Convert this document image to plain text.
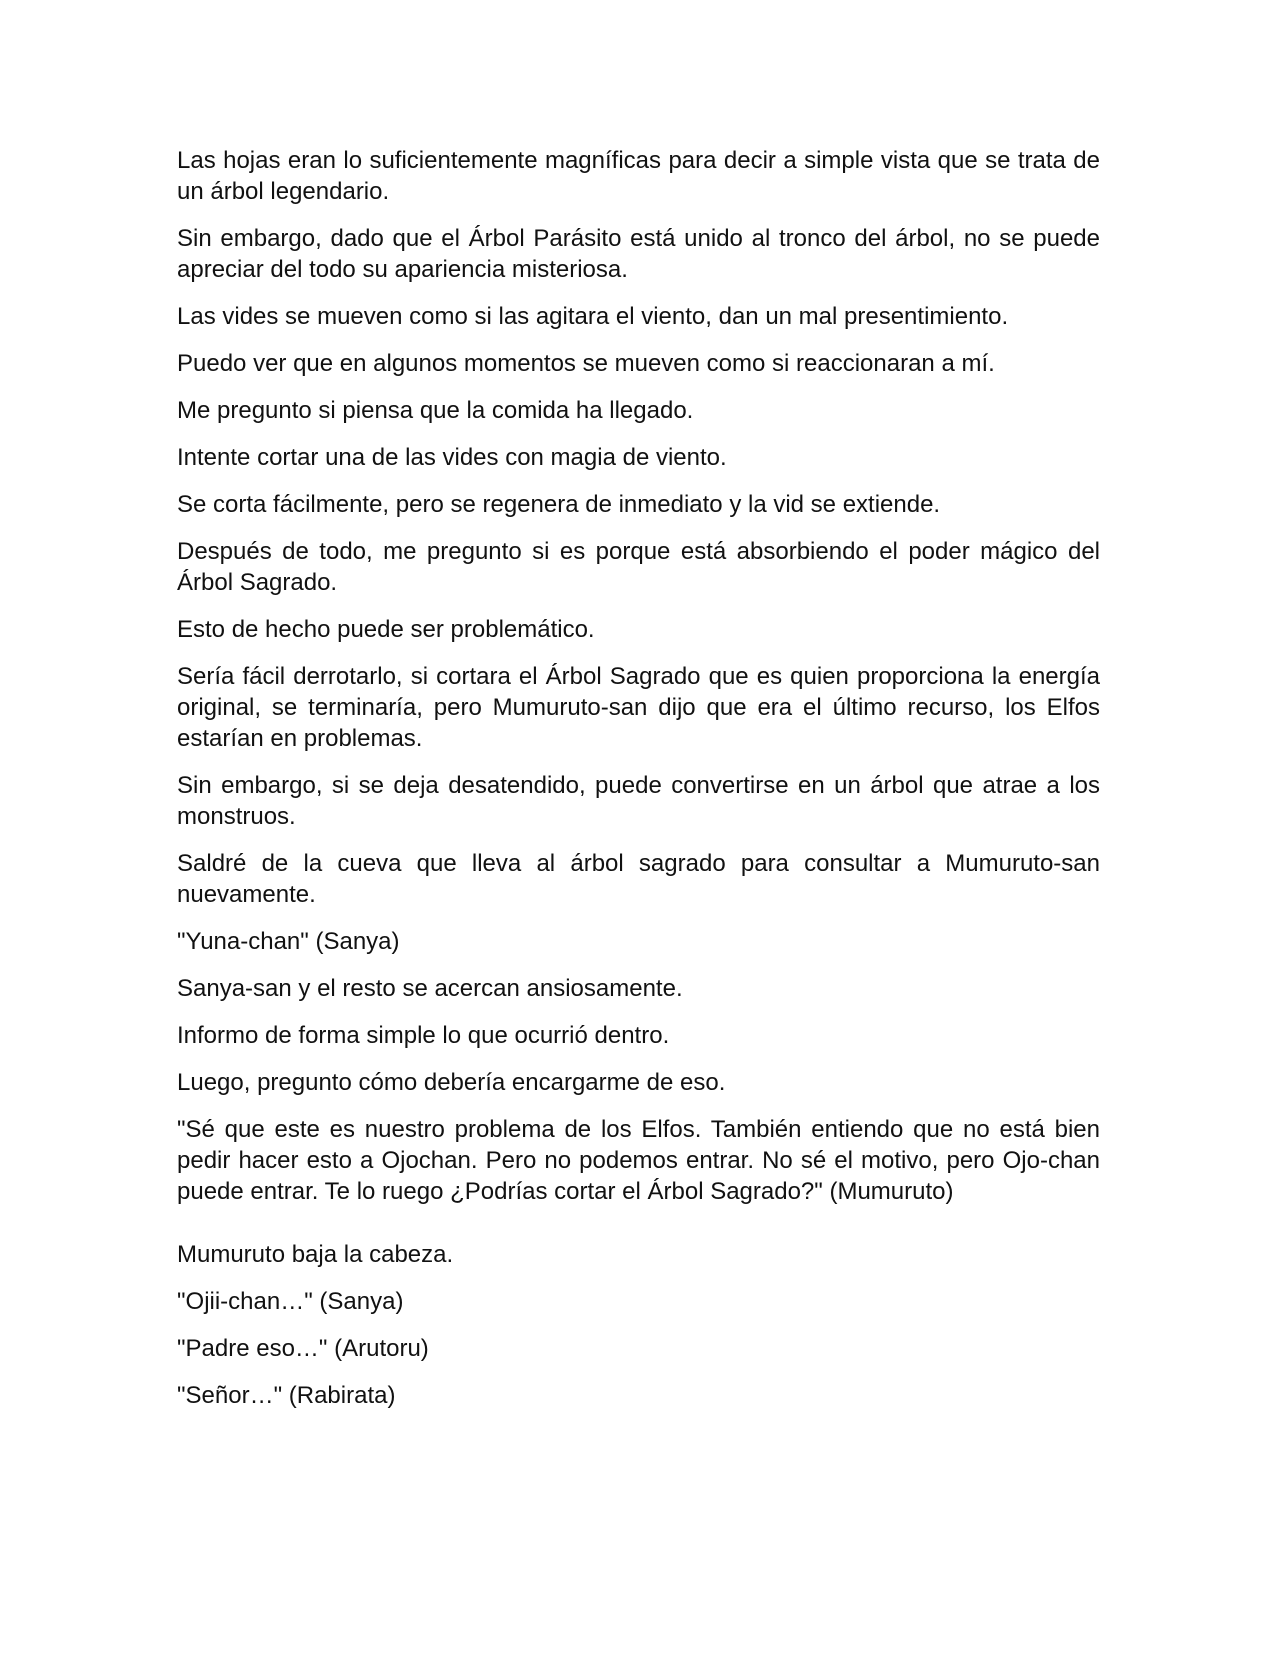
Las hojas eran lo suficientemente magníficas para decir a simple vista que se trata de un árbol legendario.

Sin embargo, dado que el Árbol Parásito está unido al tronco del árbol, no se puede apreciar del todo su apariencia misteriosa.

Las vides se mueven como si las agitara el viento, dan un mal presentimiento.

Puedo ver que en algunos momentos se mueven como si reaccionaran a mí.

Me pregunto si piensa que la comida ha llegado.

Intente cortar una de las vides con magia de viento.

Se corta fácilmente, pero se regenera de inmediato y la vid se extiende.

Después de todo, me pregunto si es porque está absorbiendo el poder mágico del Árbol Sagrado.

Esto de hecho puede ser problemático.

Sería fácil derrotarlo, si cortara el Árbol Sagrado que es quien proporciona la energía original, se terminaría, pero Mumuruto-san dijo que era el último recurso, los Elfos estarían en problemas.

Sin embargo, si se deja desatendido, puede convertirse en un árbol que atrae a los monstruos.

Saldré de la cueva que lleva al árbol sagrado para consultar a Mumuruto-san nuevamente.

"Yuna-chan" (Sanya)

Sanya-san y el resto se acercan ansiosamente.

Informo de forma simple lo que ocurrió dentro.

Luego, pregunto cómo debería encargarme de eso.

"Sé que este es nuestro problema de los Elfos. También entiendo que no está bien pedir hacer esto a Ojochan. Pero no podemos entrar. No sé el motivo, pero Ojo-chan puede entrar. Te lo ruego ¿Podrías cortar el Árbol Sagrado?" (Mumuruto)

Mumuruto baja la cabeza.

"Ojii-chan…" (Sanya)

"Padre eso…" (Arutoru)

"Señor…" (Rabirata)
